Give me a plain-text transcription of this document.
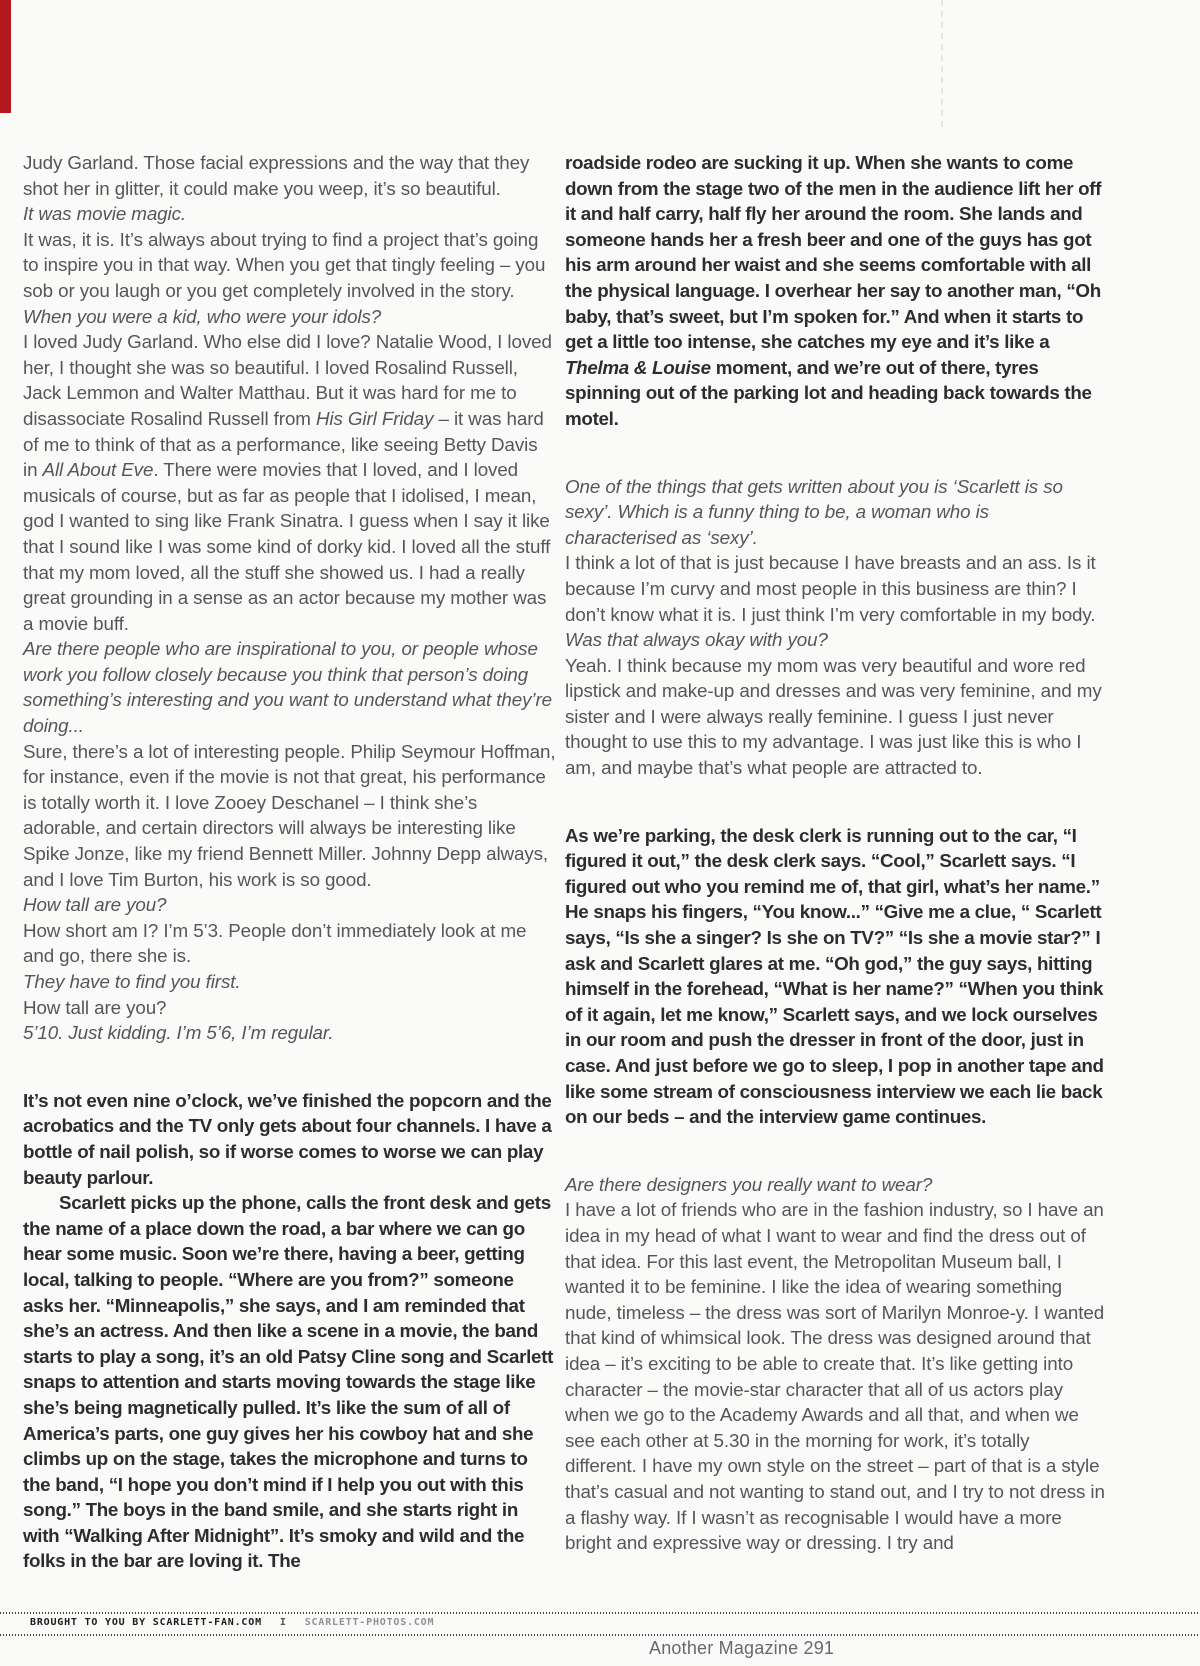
Judy Garland. Those facial expressions and the way that they shot her in glitter, it could make you weep, it’s so beautiful.

It was movie magic.

It was, it is. It’s always about trying to find a project that’s going to inspire you in that way. When you get that tingly feeling – you sob or you laugh or you get completely involved in the story.

When you were a kid, who were your idols?

I loved Judy Garland. Who else did I love? Natalie Wood, I loved her, I thought she was so beautiful. I loved Rosalind Russell, Jack Lemmon and Walter Matthau. But it was hard for me to disassociate Rosalind Russell from His Girl Friday – it was hard of me to think of that as a performance, like seeing Betty Davis in All About Eve. There were movies that I loved, and I loved musicals of course, but as far as people that I idolised, I mean, god I wanted to sing like Frank Sinatra. I guess when I say it like that I sound like I was some kind of dorky kid. I loved all the stuff that my mom loved, all the stuff she showed us. I had a really great grounding in a sense as an actor because my mother was a movie buff.

Are there people who are inspirational to you, or people whose work you follow closely because you think that person’s doing something’s interesting and you want to understand what they’re doing...

Sure, there’s a lot of interesting people. Philip Seymour Hoffman, for instance, even if the movie is not that great, his performance is totally worth it. I love Zooey Deschanel – I think she’s adorable, and certain directors will always be interesting like Spike Jonze, like my friend Bennett Miller. Johnny Depp always, and I love Tim Burton, his work is so good.

How tall are you?

How short am I? I’m 5’3. People don’t immediately look at me and go, there she is.

They have to find you first.

How tall are you?

5’10. Just kidding. I’m 5’6, I’m regular.

It’s not even nine o’clock, we’ve finished the popcorn and the acrobatics and the TV only gets about four channels. I have a bottle of nail polish, so if worse comes to worse we can play beauty parlour.

Scarlett picks up the phone, calls the front desk and gets the name of a place down the road, a bar where we can go hear some music. Soon we’re there, having a beer, getting local, talking to people. “Where are you from?” someone asks her. “Minneapolis,” she says, and I am reminded that she’s an actress. And then like a scene in a movie, the band starts to play a song, it’s an old Patsy Cline song and Scarlett snaps to attention and starts moving towards the stage like she’s being magnetically pulled. It’s like the sum of all of America’s parts, one guy gives her his cowboy hat and she climbs up on the stage, takes the microphone and turns to the band, “I hope you don’t mind if I help you out with this song.” The boys in the band smile, and she starts right in with “Walking After Midnight”. It’s smoky and wild and the folks in the bar are loving it. The

roadside rodeo are sucking it up. When she wants to come down from the stage two of the men in the audience lift her off it and half carry, half fly her around the room. She lands and someone hands her a fresh beer and one of the guys has got his arm around her waist and she seems comfortable with all the physical language. I overhear her say to another man, “Oh baby, that’s sweet, but I’m spoken for.” And when it starts to get a little too intense, she catches my eye and it’s like a Thelma & Louise moment, and we’re out of there, tyres spinning out of the parking lot and heading back towards the motel.

One of the things that gets written about you is ‘Scarlett is so sexy’. Which is a funny thing to be, a woman who is characterised as ‘sexy’.

I think a lot of that is just because I have breasts and an ass. Is it because I’m curvy and most people in this business are thin? I don’t know what it is. I just think I’m very comfortable in my body.

Was that always okay with you?

Yeah. I think because my mom was very beautiful and wore red lipstick and make-up and dresses and was very feminine, and my sister and I were always really feminine. I guess I just never thought to use this to my advantage. I was just like this is who I am, and maybe that’s what people are attracted to.

As we’re parking, the desk clerk is running out to the car, “I figured it out,” the desk clerk says. “Cool,” Scarlett says. “I figured out who you remind me of, that girl, what’s her name.” He snaps his fingers, “You know...” “Give me a clue, “ Scarlett says, “Is she a singer? Is she on TV?” “Is she a movie star?” I ask and Scarlett glares at me. “Oh god,” the guy says, hitting himself in the forehead, “What is her name?” “When you think of it again, let me know,” Scarlett says, and we lock ourselves in our room and push the dresser in front of the door, just in case. And just before we go to sleep, I pop in another tape and like some stream of consciousness interview we each lie back on our beds – and the interview game continues.

Are there designers you really want to wear?

I have a lot of friends who are in the fashion industry, so I have an idea in my head of what I want to wear and find the dress out of that idea. For this last event, the Metropolitan Museum ball, I wanted it to be feminine. I like the idea of wearing something nude, timeless – the dress was sort of Marilyn Monroe-y. I wanted that kind of whimsical look. The dress was designed around that idea – it’s exciting to be able to create that. It’s like getting into character – the movie-star character that all of us actors play when we go to the Academy Awards and all that, and when we see each other at 5.30 in the morning for work, it’s totally different. I have my own style on the street – part of that is a style that’s casual and not wanting to stand out, and I try to not dress in a flashy way. If I wasn’t as recognisable I would have a more bright and expressive way or dressing. I try and

BROUGHT TO YOU BY SCARLETT-FAN.COM I SCARLETT-PHOTOS.COM
Another Magazine 291
